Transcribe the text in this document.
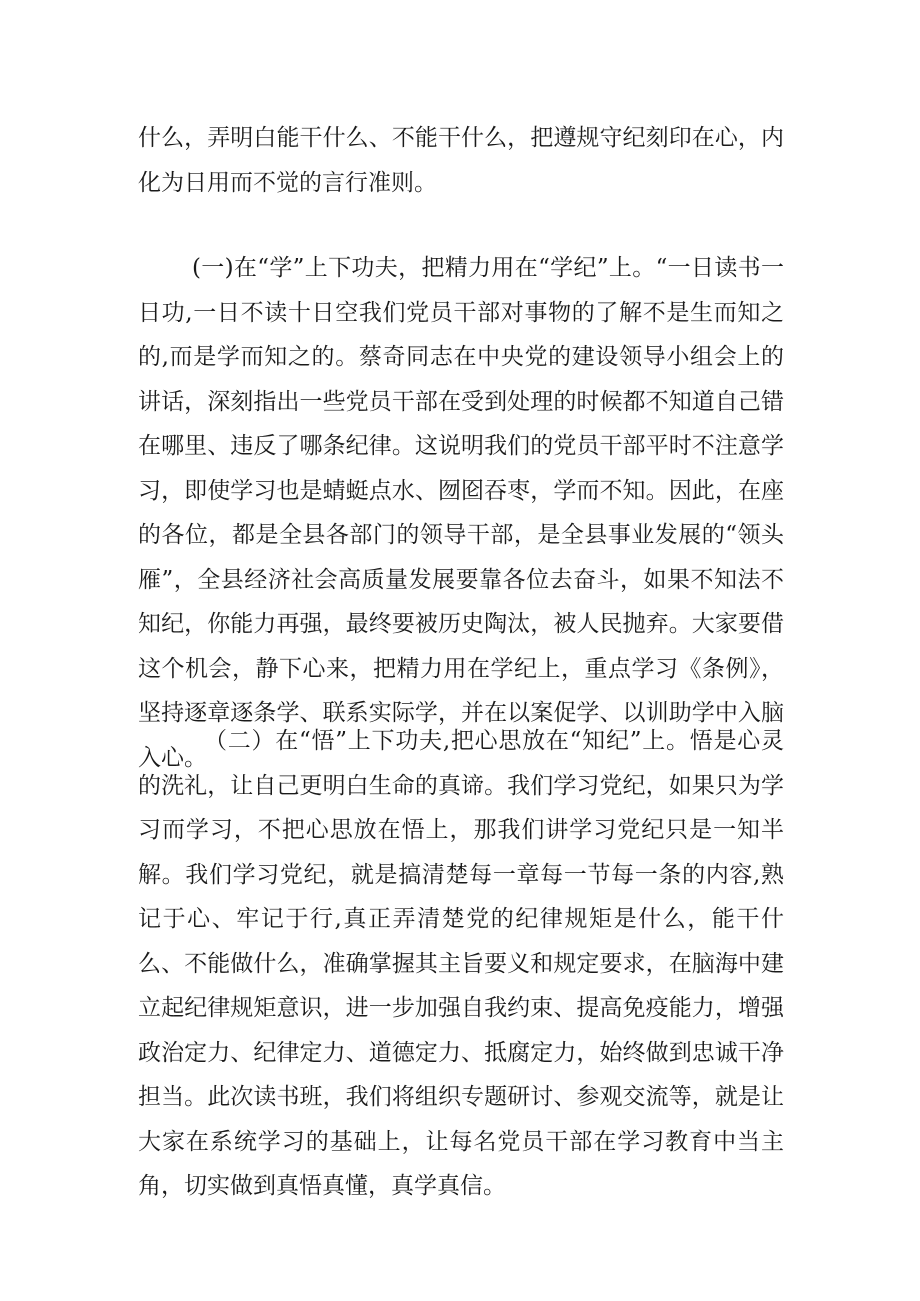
什么，弄明白能干什么、不能干什么，把遵规守纪刻印在心，内化为日用而不觉的言行准则。

(一)在“学”上下功夫，把精力用在“学纪”上。“一日读书一日功,一日不读十日空我们党员干部对事物的了解不是生而知之的,而是学而知之的。蔡奇同志在中央党的建设领导小组会上的讲话，深刻指出一些党员干部在受到处理的时候都不知道自己错在哪里、违反了哪条纪律。这说明我们的党员干部平时不注意学习，即使学习也是蜻蜓点水、囫囵吞枣，学而不知。因此，在座的各位，都是全县各部门的领导干部，是全县事业发展的“领头雁”，全县经济社会高质量发展要靠各位去奋斗，如果不知法不知纪，你能力再强，最终要被历史陶汰，被人民抛弃。大家要借这个机会，静下心来，把精力用在学纪上，重点学习《条例》，坚持逐章逐条学、联系实际学，并在以案促学、以训助学中入脑入心。

（二）在“悟”上下功夫,把心思放在“知纪”上。悟是心灵的洗礼，让自己更明白生命的真谛。我们学习党纪，如果只为学习而学习，不把心思放在悟上，那我们讲学习党纪只是一知半解。我们学习党纪，就是搞清楚每一章每一节每一条的内容,熟记于心、牢记于行,真正弄清楚党的纪律规矩是什么，能干什么、不能做什么，准确掌握其主旨要义和规定要求，在脑海中建立起纪律规矩意识，进一步加强自我约束、提高免疫能力，增强政治定力、纪律定力、道德定力、抵腐定力，始终做到忠诚干净担当。此次读书班，我们将组织专题研讨、参观交流等，就是让大家在系统学习的基础上，让每名党员干部在学习教育中当主角，切实做到真悟真懂，真学真信。
